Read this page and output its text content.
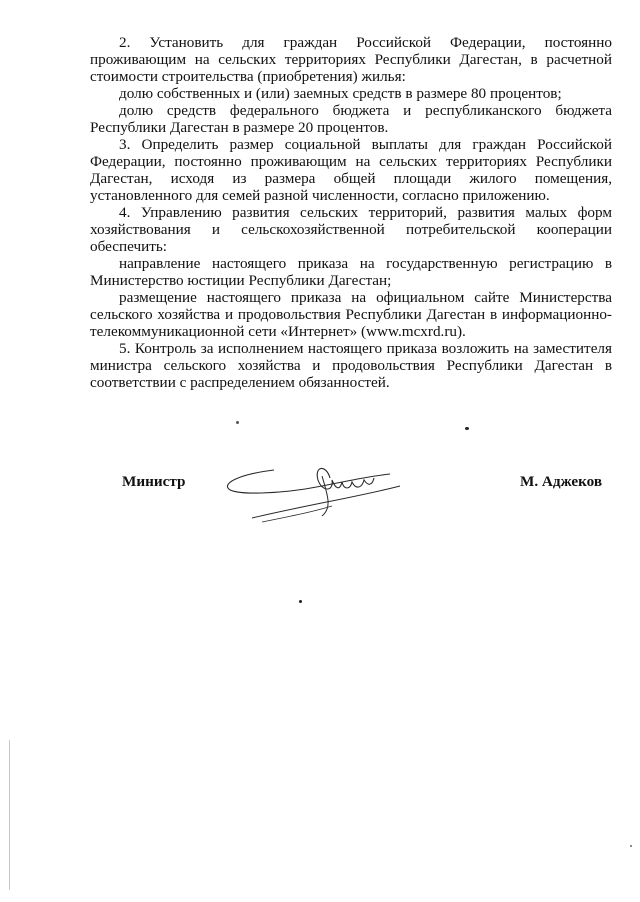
2. Установить для граждан Российской Федерации, постоянно проживающим на сельских территориях Республики Дагестан, в расчетной стоимости строительства (приобретения) жилья:

долю собственных и (или) заемных средств в размере 80 процентов;

долю средств федерального бюджета и республиканского бюджета Республики Дагестан в размере 20 процентов.

3. Определить размер социальной выплаты для граждан Российской Федерации, постоянно проживающим на сельских территориях Республики Дагестан, исходя из размера общей площади жилого помещения, установленного для семей разной численности, согласно приложению.

4. Управлению развития сельских территорий, развития малых форм хозяйствования и сельскохозяйственной потребительской кооперации обеспечить:

направление настоящего приказа на государственную регистрацию в Министерство юстиции Республики Дагестан;

размещение настоящего приказа на официальном сайте Министерства сельского хозяйства и продовольствия Республики Дагестан в информационно-телекоммуникационной сети «Интернет» (www.mcxrd.ru).

5. Контроль за исполнением настоящего приказа возложить на заместителя министра сельского хозяйства и продовольствия Республики Дагестан в соответствии с распределением обязанностей.

Министр	М. Аджеков
